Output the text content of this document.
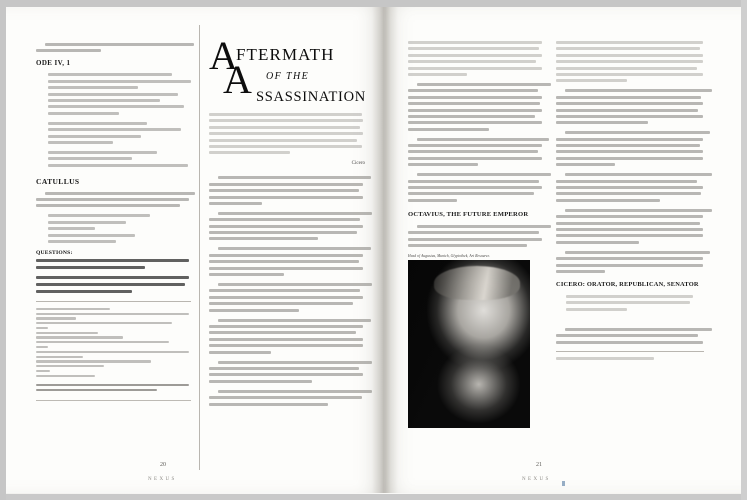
ODE IV, 1
CATULLUS
QUESTIONS:
A
FTERMATH
A OF THE
SSASSINATION
Cicero
20
NEXUS
OCTAVIUS, THE FUTURE EMPEROR
Head of Augustus, Munich, Glyptothek, Art Resource.
CICERO: ORATOR, REPUBLICAN, SENATOR

21
NEXUS
